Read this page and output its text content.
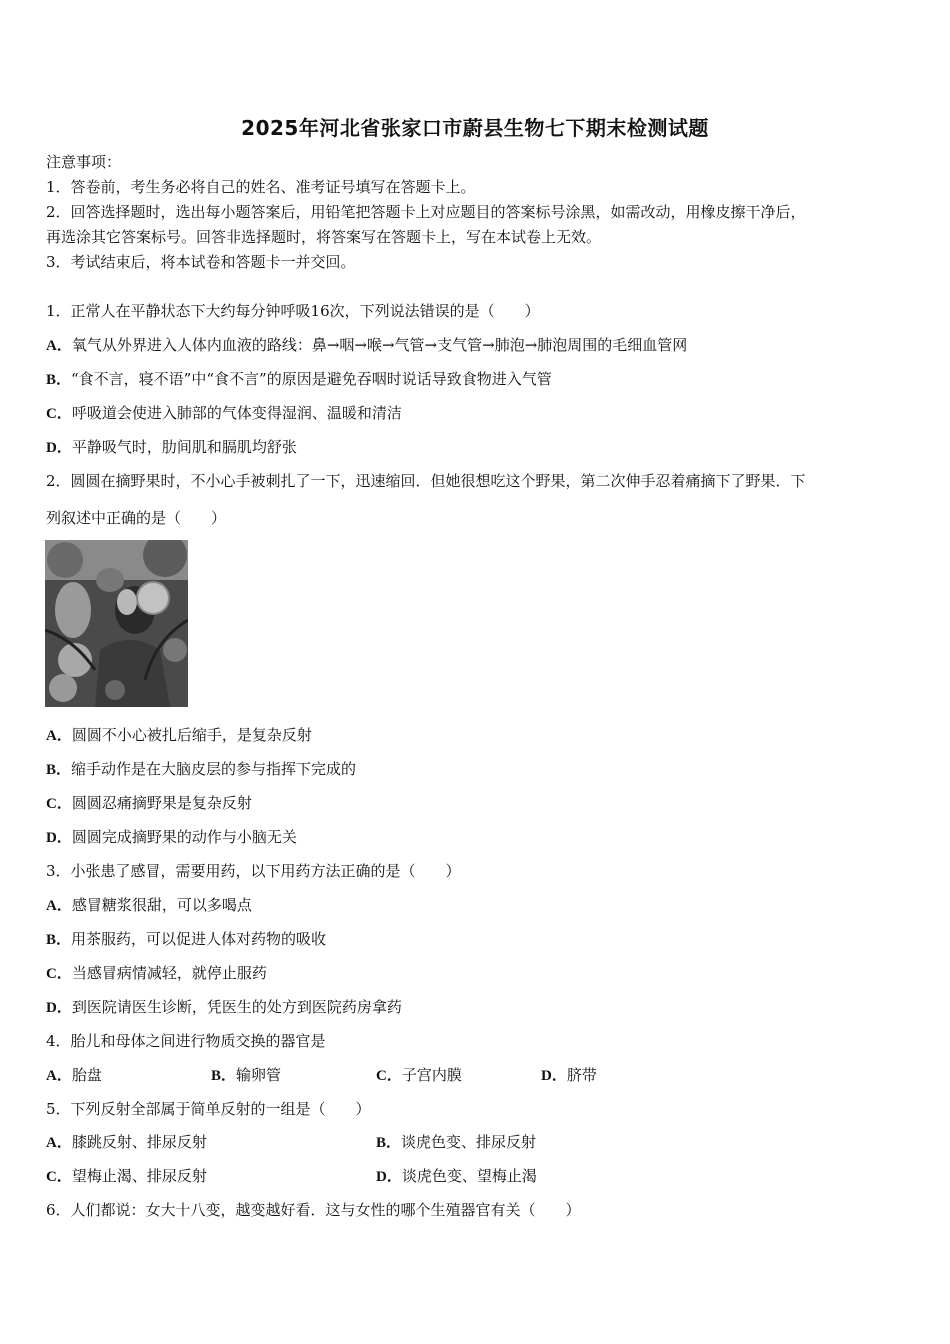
2025年河北省张家口市蔚县生物七下期末检测试题
注意事项：
1．答卷前，考生务必将自己的姓名、准考证号填写在答题卡上。
2．回答选择题时，选出每小题答案后，用铅笔把答题卡上对应题目的答案标号涂黑，如需改动，用橡皮擦干净后，
再选涂其它答案标号。回答非选择题时，将答案写在答题卡上，写在本试卷上无效。
3．考试结束后，将本试卷和答题卡一并交回。
1．正常人在平静状态下大约每分钟呼吸16次，下列说法错误的是（　　）
A．氧气从外界进入人体内血液的路线：鼻→咽→喉→气管→支气管→肺泡→肺泡周围的毛细血管网
B．“食不言，寝不语”中“食不言”的原因是避免吞咽时说话导致食物进入气管
C．呼吸道会使进入肺部的气体变得湿润、温暖和清洁
D．平静吸气时，肋间肌和膈肌均舒张
2．圆圆在摘野果时，不小心手被刺扎了一下，迅速缩回．但她很想吃这个野果，第二次伸手忍着痛摘下了野果．下
列叙述中正确的是（　　）
A．圆圆不小心被扎后缩手，是复杂反射
B．缩手动作是在大脑皮层的参与指挥下完成的
C．圆圆忍痛摘野果是复杂反射
D．圆圆完成摘野果的动作与小脑无关
3．小张患了感冒，需要用药，以下用药方法正确的是（　　）
A．感冒糖浆很甜，可以多喝点
B．用茶服药，可以促进人体对药物的吸收
C．当感冒病情减轻，就停止服药
D．到医院请医生诊断，凭医生的处方到医院药房拿药
4．胎儿和母体之间进行物质交换的器官是
A．胎盘	B．输卵管	C．子宫内膜	D．脐带
5．下列反射全部属于简单反射的一组是（　　）
A．膝跳反射、排尿反射	B．谈虎色变、排尿反射
C．望梅止渴、排尿反射	D．谈虎色变、望梅止渴
6．人们都说：女大十八变，越变越好看．这与女性的哪个生殖器官有关（　　）
